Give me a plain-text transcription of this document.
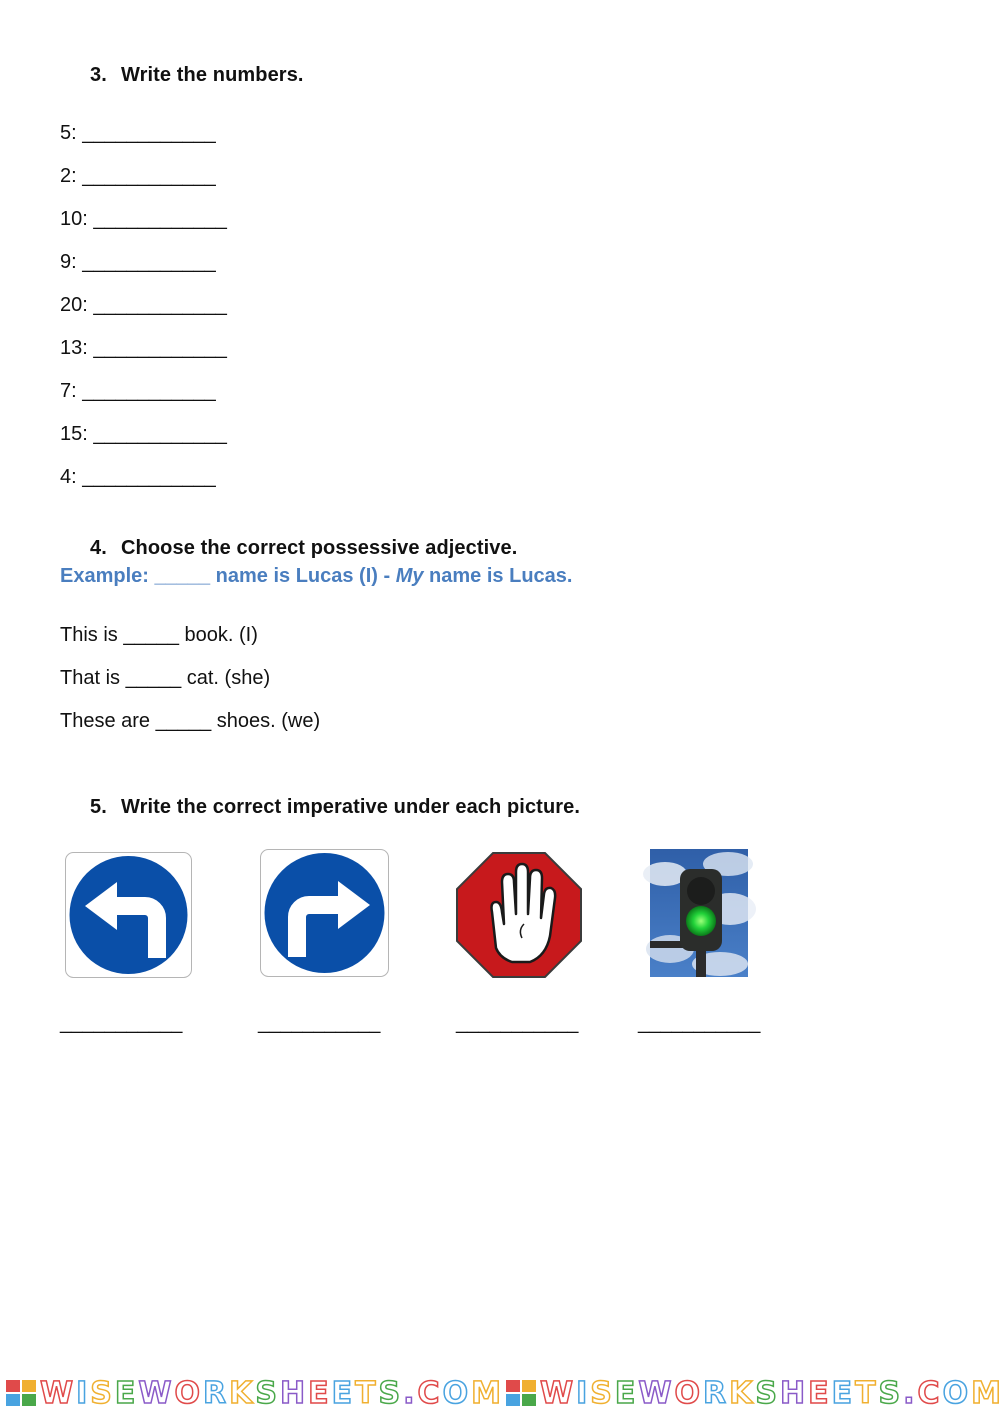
3. Write the numbers.
5: ____________
2: ____________
10: ____________
9: ____________
20: ____________
13: ____________
7: ____________
15: ____________
4: ____________
4. Choose the correct possessive adjective.
Example: _____ name is Lucas (I) - My name is Lucas.
This is _____ book. (I)
That is _____ cat. (she)
These are _____ shoes. (we)
5. Write the correct imperative under each picture.
___________	___________	___________	___________
WISEWORKSHEETS.COM WISEWORKSHEETS.COM
